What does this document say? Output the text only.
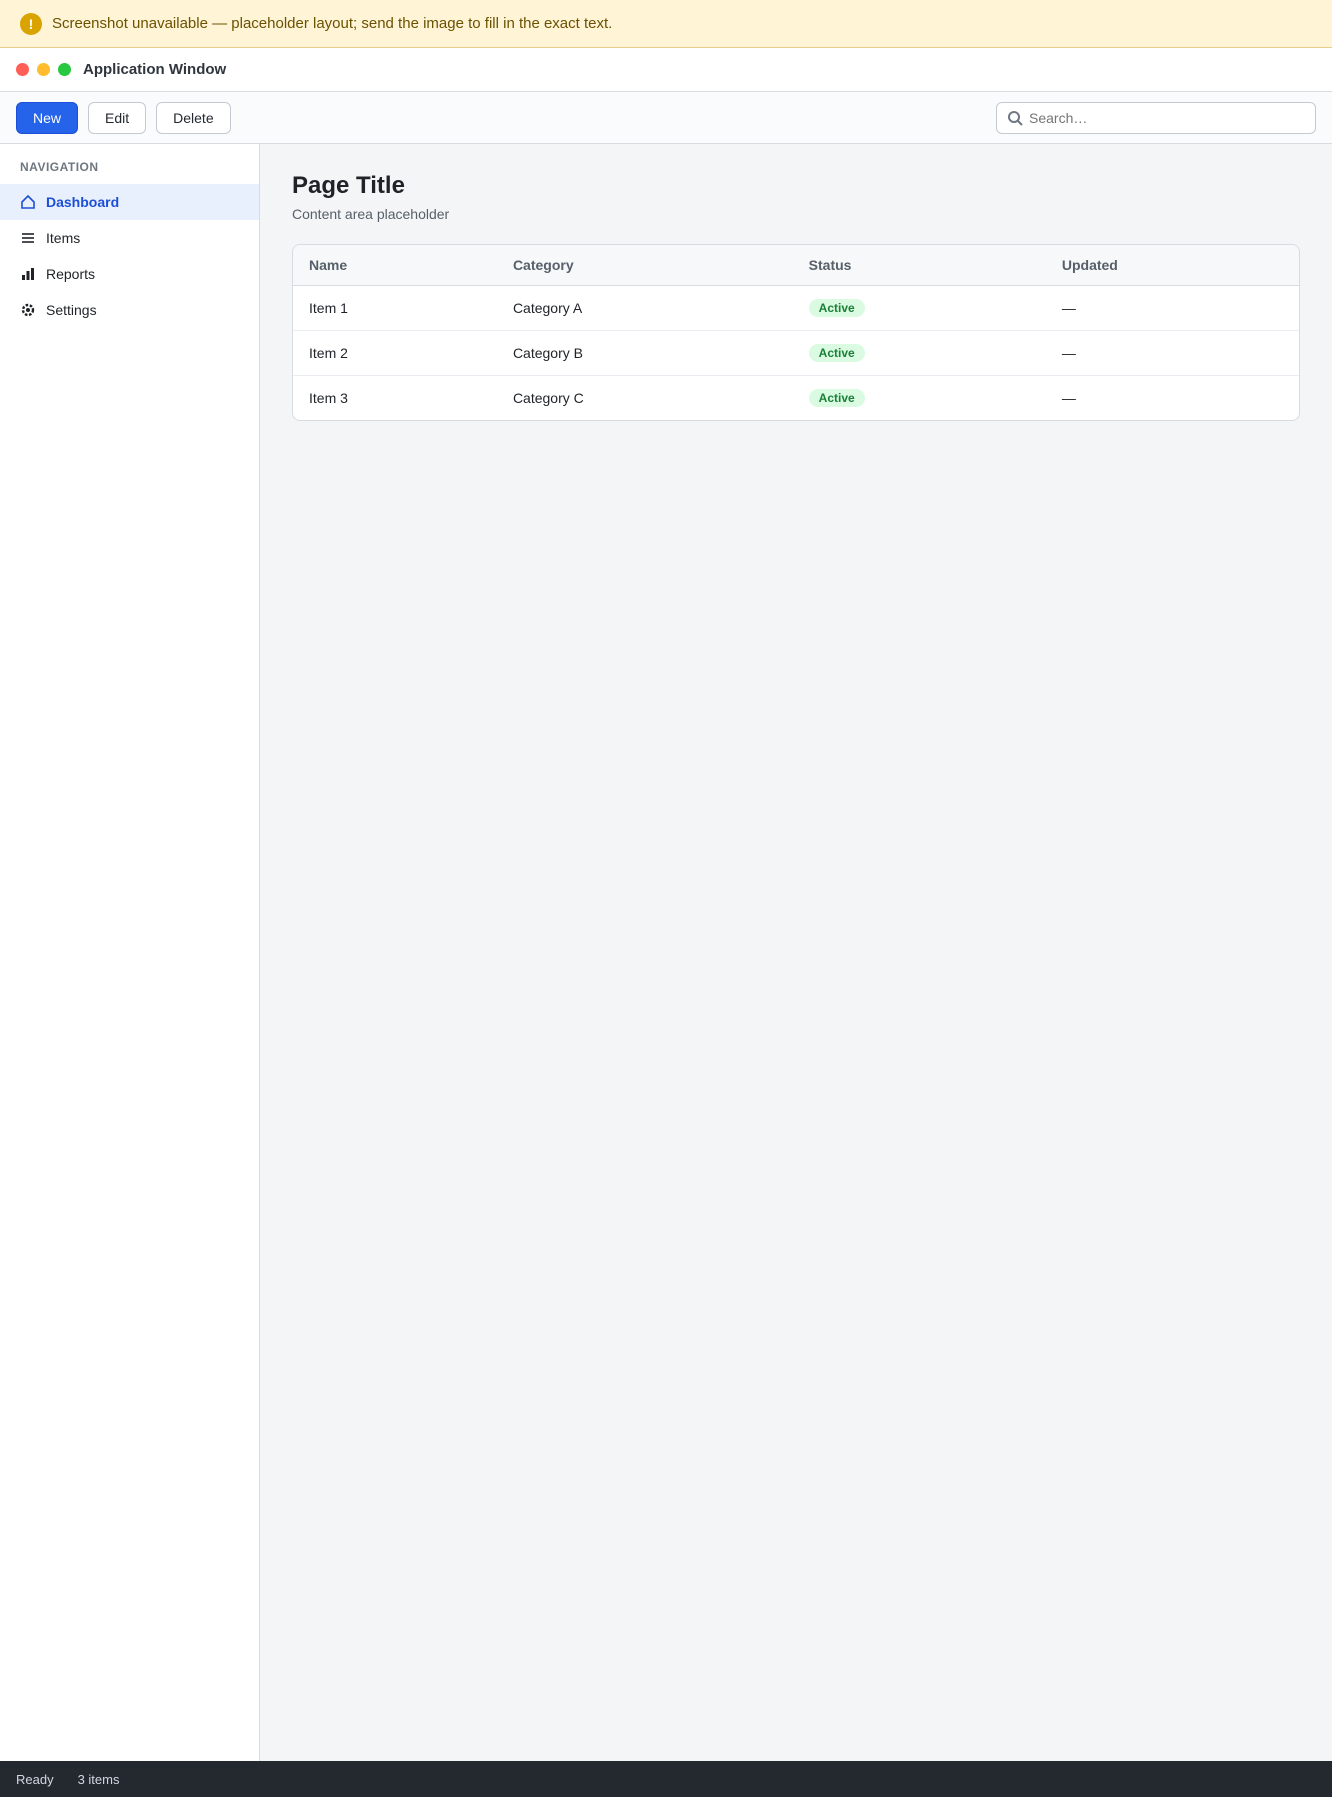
!	Screenshot unavailable — placeholder layout; send the image to fill in the exact text.
Application Window
New	Edit	Delete
Search…
NAVIGATION
Dashboard
Items
Reports
Settings
Page Title

Content area placeholder

Name	Category	Status	Updated
Item 1	Category A	Active	—
Item 2	Category B	Active	—
Item 3	Category C	Active	—
Ready 3 items
